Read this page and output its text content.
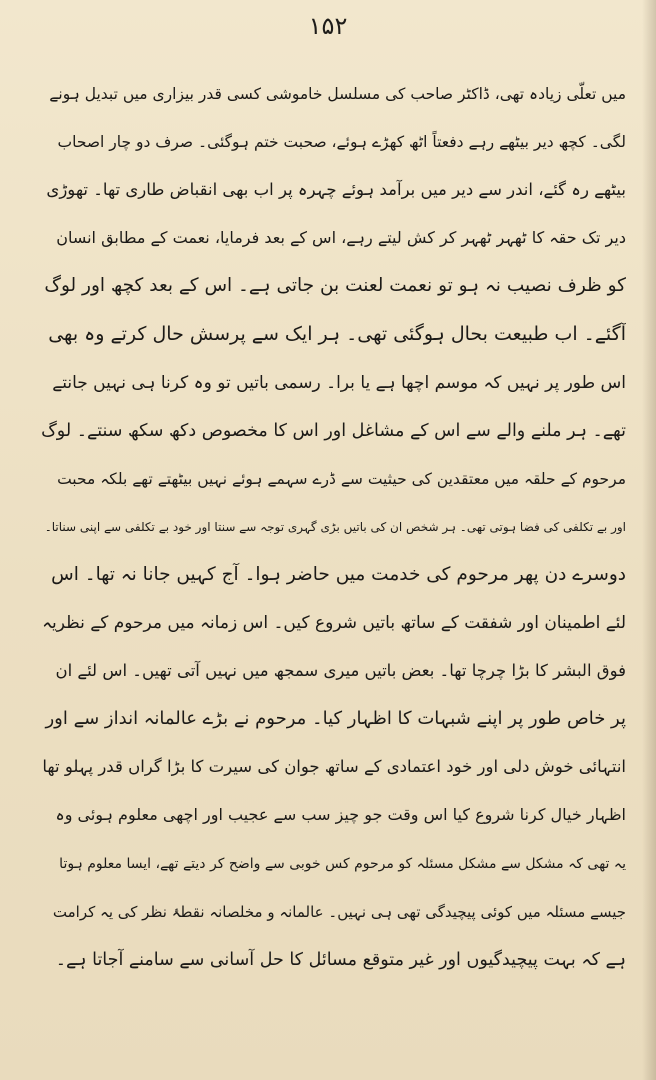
۱۵۲
میں تعلّی زیادہ تھی، ڈاکٹر صاحب کی مسلسل خاموشی کسی قدر بیزاری میں تبدیل ہونے
لگی۔ کچھ دیر بیٹھے رہے دفعتاً اٹھ کھڑے ہوئے، صحبت ختم ہوگئی۔ صرف دو چار اصحاب
بیٹھے رہ گئے، اندر سے دیر میں برآمد ہوئے چہرہ پر اب بھی انقباض طاری تھا۔ تھوڑی
دیر تک حقہ کا ٹھہر ٹھہر کر کش لیتے رہے، اس کے بعد فرمایا، نعمت کے مطابق انسان
کو ظرف نصیب نہ ہو تو نعمت لعنت بن جاتی ہے۔ اس کے بعد کچھ اور لوگ
آگئے۔ اب طبیعت بحال ہوگئی تھی۔ ہر ایک سے پرسش حال کرتے وہ بھی
اس طور پر نہیں کہ موسم اچھا ہے یا برا۔ رسمی باتیں تو وہ کرنا ہی نہیں جانتے
تھے۔ ہر ملنے والے سے اس کے مشاغل اور اس کا مخصوص دکھ سکھ سنتے۔ لوگ
مرحوم کے حلقہ میں معتقدین کی حیثیت سے ڈرے سہمے ہوئے نہیں بیٹھتے تھے بلکہ محبت
اور بے تکلفی کی فضا ہوتی تھی۔ ہر شخص ان کی باتیں بڑی گہری توجہ سے سنتا اور خود بے تکلفی سے اپنی سناتا۔
دوسرے دن پھر مرحوم کی خدمت میں حاضر ہوا۔ آج کہیں جانا نہ تھا۔ اس
لئے اطمینان اور شفقت کے ساتھ باتیں شروع کیں۔ اس زمانہ میں مرحوم کے نظریہ
فوق البشر کا بڑا چرچا تھا۔ بعض باتیں میری سمجھ میں نہیں آتی تھیں۔ اس لئے ان
پر خاص طور پر اپنے شبہات کا اظہار کیا۔ مرحوم نے بڑے عالمانہ انداز سے اور
انتہائی خوش دلی اور خود اعتمادی کے ساتھ جوان کی سیرت کا بڑا گراں قدر پہلو تھا
اظہار خیال کرنا شروع کیا اس وقت جو چیز سب سے عجیب اور اچھی معلوم ہوئی وہ
یہ تھی کہ مشکل سے مشکل مسئلہ کو مرحوم کس خوبی سے واضح کر دیتے تھے، ایسا معلوم ہوتا
جیسے مسئلہ میں کوئی پیچیدگی تھی ہی نہیں۔ عالمانہ و مخلصانہ نقطۂ نظر کی یہ کرامت
ہے کہ بہت پیچیدگیوں اور غیر متوقع مسائل کا حل آسانی سے سامنے آجاتا ہے۔
